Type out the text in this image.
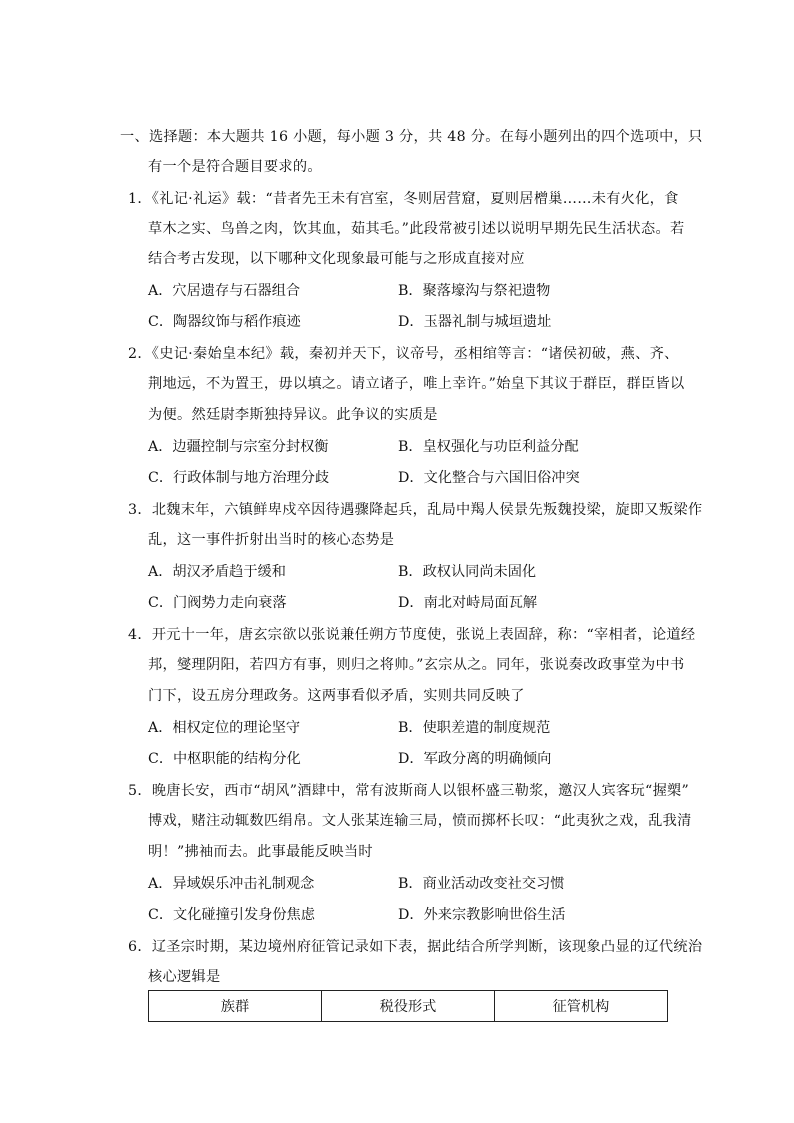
一、选择题：本大题共 16 小题，每小题 3 分，共 48 分。在每小题列出的四个选项中，只
有一个是符合题目要求的。
1．《礼记·礼运》载：“昔者先王未有宫室，冬则居营窟，夏则居橧巢……未有火化，食
草木之实、鸟兽之肉，饮其血，茹其毛。”此段常被引述以说明早期先民生活状态。若
结合考古发现，以下哪种文化现象最可能与之形成直接对应
A．穴居遗存与石器组合	B．聚落壕沟与祭祀遗物
C．陶器纹饰与稻作痕迹	D．玉器礼制与城垣遗址
2．《史记·秦始皇本纪》载，秦初并天下，议帝号，丞相绾等言：“诸侯初破，燕、齐、
荆地远，不为置王，毋以填之。请立诸子，唯上幸许。”始皇下其议于群臣，群臣皆以
为便。然廷尉李斯独持异议。此争议的实质是
A．边疆控制与宗室分封权衡	B．皇权强化与功臣利益分配
C．行政体制与地方治理分歧	D．文化整合与六国旧俗冲突
3．北魏末年，六镇鲜卑戍卒因待遇骤降起兵，乱局中羯人侯景先叛魏投梁，旋即又叛梁作
乱，这一事件折射出当时的核心态势是
A．胡汉矛盾趋于缓和	B．政权认同尚未固化
C．门阀势力走向衰落	D．南北对峙局面瓦解
4．开元十一年，唐玄宗欲以张说兼任朔方节度使，张说上表固辞，称：“宰相者，论道经
邦，燮理阴阳，若四方有事，则归之将帅。”玄宗从之。同年，张说奏改政事堂为中书
门下，设五房分理政务。这两事看似矛盾，实则共同反映了
A．相权定位的理论坚守	B．使职差遣的制度规范
C．中枢职能的结构分化	D．军政分离的明确倾向
5．晚唐长安，西市“胡风”酒肆中，常有波斯商人以银杯盛三勒浆，邀汉人宾客玩“握槊”
博戏，赌注动辄数匹绢帛。文人张某连输三局，愤而掷杯长叹：“此夷狄之戏，乱我清
明！”拂袖而去。此事最能反映当时
A．异域娱乐冲击礼制观念	B．商业活动改变社交习惯
C．文化碰撞引发身份焦虑	D．外来宗教影响世俗生活
6．辽圣宗时期，某边境州府征管记录如下表，据此结合所学判断，该现象凸显的辽代统治
核心逻辑是
族群	税役形式	征管机构
